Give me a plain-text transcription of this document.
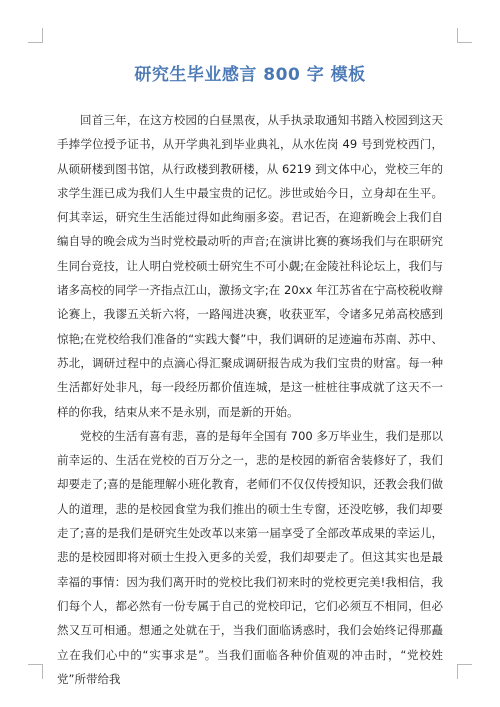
研究生毕业感言 800 字 模板

回首三年，在这方校园的白昼黑夜，从手执录取通知书踏入校园到这天手捧学位授予证书，从开学典礼到毕业典礼，从水佐岗 49 号到党校西门，从硕研楼到图书馆，从行政楼到教研楼，从 6219 到文体中心，党校三年的求学生涯已成为我们人生中最宝贵的记忆。涉世或始今日，立身却在生平。何其幸运，研究生生活能过得如此绚丽多姿。君记否，在迎新晚会上我们自编自导的晚会成为当时党校最动听的声音;在演讲比赛的赛场我们与在职研究生同台竞技，让人明白党校硕士研究生不可小觑;在金陵社科论坛上，我们与诸多高校的同学一齐指点江山，激扬文字;在 20xx 年江苏省在宁高校税收辩论赛上，我谬五关斩六将，一路闯进决赛，收获亚军，令诸多兄弟高校感到惊艳;在党校给我们准备的“实践大餐”中，我们调研的足迹遍布苏南、苏中、苏北，调研过程中的点滴心得汇聚成调研报告成为我们宝贵的财富。每一种生活都好处非凡，每一段经历都价值连城，是这一桩桩往事成就了这天不一样的你我，结束从来不是永别，而是新的开始。

党校的生活有喜有悲，喜的是每年全国有 700 多万毕业生，我们是那以前幸运的、生活在党校的百万分之一，悲的是校园的新宿舍装修好了，我们却要走了;喜的是能理解小班化教育，老师们不仅仅传授知识，还教会我们做人的道理，悲的是校园食堂为我们推出的硕士生专窗，还没吃够，我们却要走了;喜的是我们是研究生处改革以来第一届享受了全部改革成果的幸运儿，悲的是校园即将对硕士生投入更多的关爱，我们却要走了。但这其实也是最幸福的事情：因为我们离开时的党校比我们初来时的党校更完美!我相信，我们每个人，都必然有一份专属于自己的党校印记，它们必须互不相同，但必然又互可相通。想通之处就在于，当我们面临诱惑时，我们会始终记得那矗立在我们心中的“实事求是”。当我们面临各种价值观的冲击时，“党校姓党”所带给我
